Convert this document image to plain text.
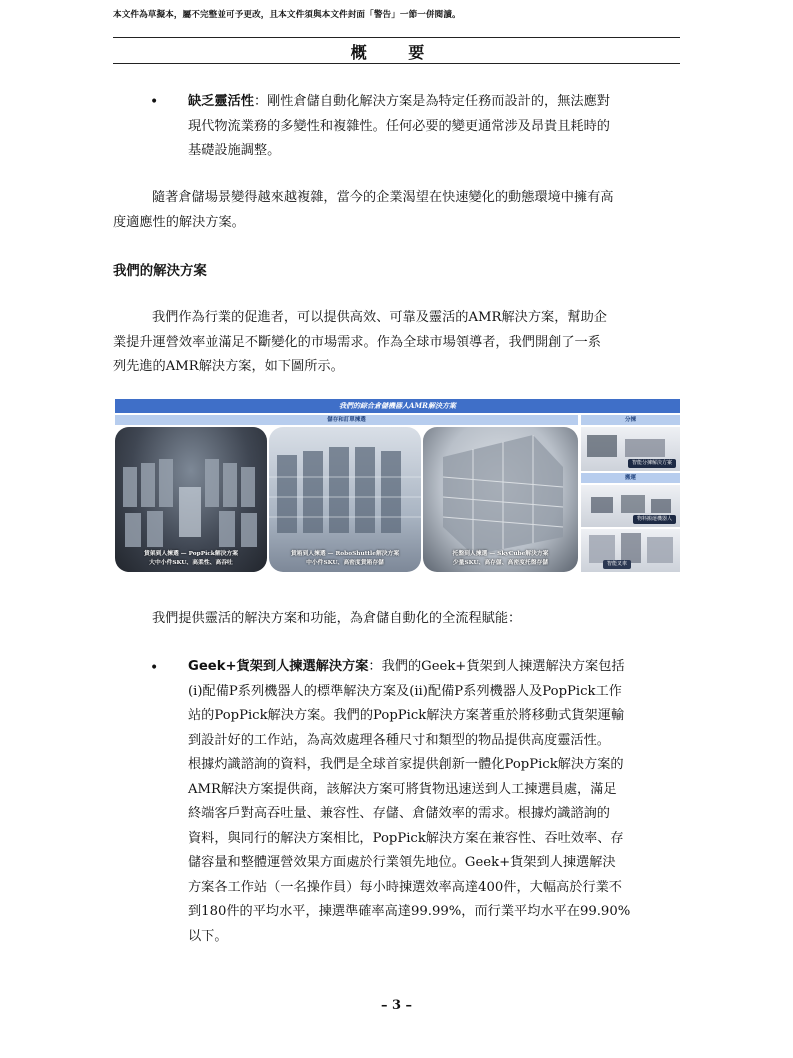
本文件為草擬本，屬不完整並可予更改，且本文件須與本文件封面「警告」一節一併閱讀。
概 要
• 缺乏靈活性：剛性倉儲自動化解決方案是為特定任務而設計的，無法應對
現代物流業務的多變性和複雜性。任何必要的變更通常涉及昂貴且耗時的
基礎設施調整。
隨著倉儲場景變得越來越複雜，當今的企業渴望在快速變化的動態環境中擁有高
度適應性的解決方案。
我們的解決方案
我們作為行業的促進者，可以提供高效、可靠及靈活的AMR解決方案，幫助企
業提升運營效率並滿足不斷變化的市場需求。作為全球市場領導者，我們開創了一系
列先進的AMR解決方案，如下圖所示。
我們的綜合倉儲機器人AMR解決方案
儲存和訂單揀選	分揀
貨架到人揀選 — PopPick解決方案
大中小件SKU、高柔性、高吞吐
貨箱到人揀選 — RoboShuttle解決方案
中小件SKU、高密度貨箱存儲
托盤到人揀選 — SkyCube解決方案
少量SKU、高存儲、高密度托盤存儲
智能分揀解決方案
搬運
物料搬運機器人
智能叉車
我們提供靈活的解決方案和功能，為倉儲自動化的全流程賦能：
• Geek+貨架到人揀選解決方案：我們的Geek+貨架到人揀選解決方案包括
(i)配備P系列機器人的標準解決方案及(ii)配備P系列機器人及PopPick工作
站的PopPick解決方案。我們的PopPick解決方案著重於將移動式貨架運輸
到設計好的工作站，為高效處理各種尺寸和類型的物品提供高度靈活性。
根據灼識諮詢的資料，我們是全球首家提供創新一體化PopPick解決方案的
AMR解決方案提供商，該解決方案可將貨物迅速送到人工揀選員處，滿足
終端客戶對高吞吐量、兼容性、存儲、倉儲效率的需求。根據灼識諮詢的
資料，與同行的解決方案相比，PopPick解決方案在兼容性、吞吐效率、存
儲容量和整體運營效果方面處於行業領先地位。Geek+貨架到人揀選解決
方案各工作站（一名操作員）每小時揀選效率高達400件，大幅高於行業不
到180件的平均水平，揀選準確率高達99.99%，而行業平均水平在99.90%
以下。
– 3 –
